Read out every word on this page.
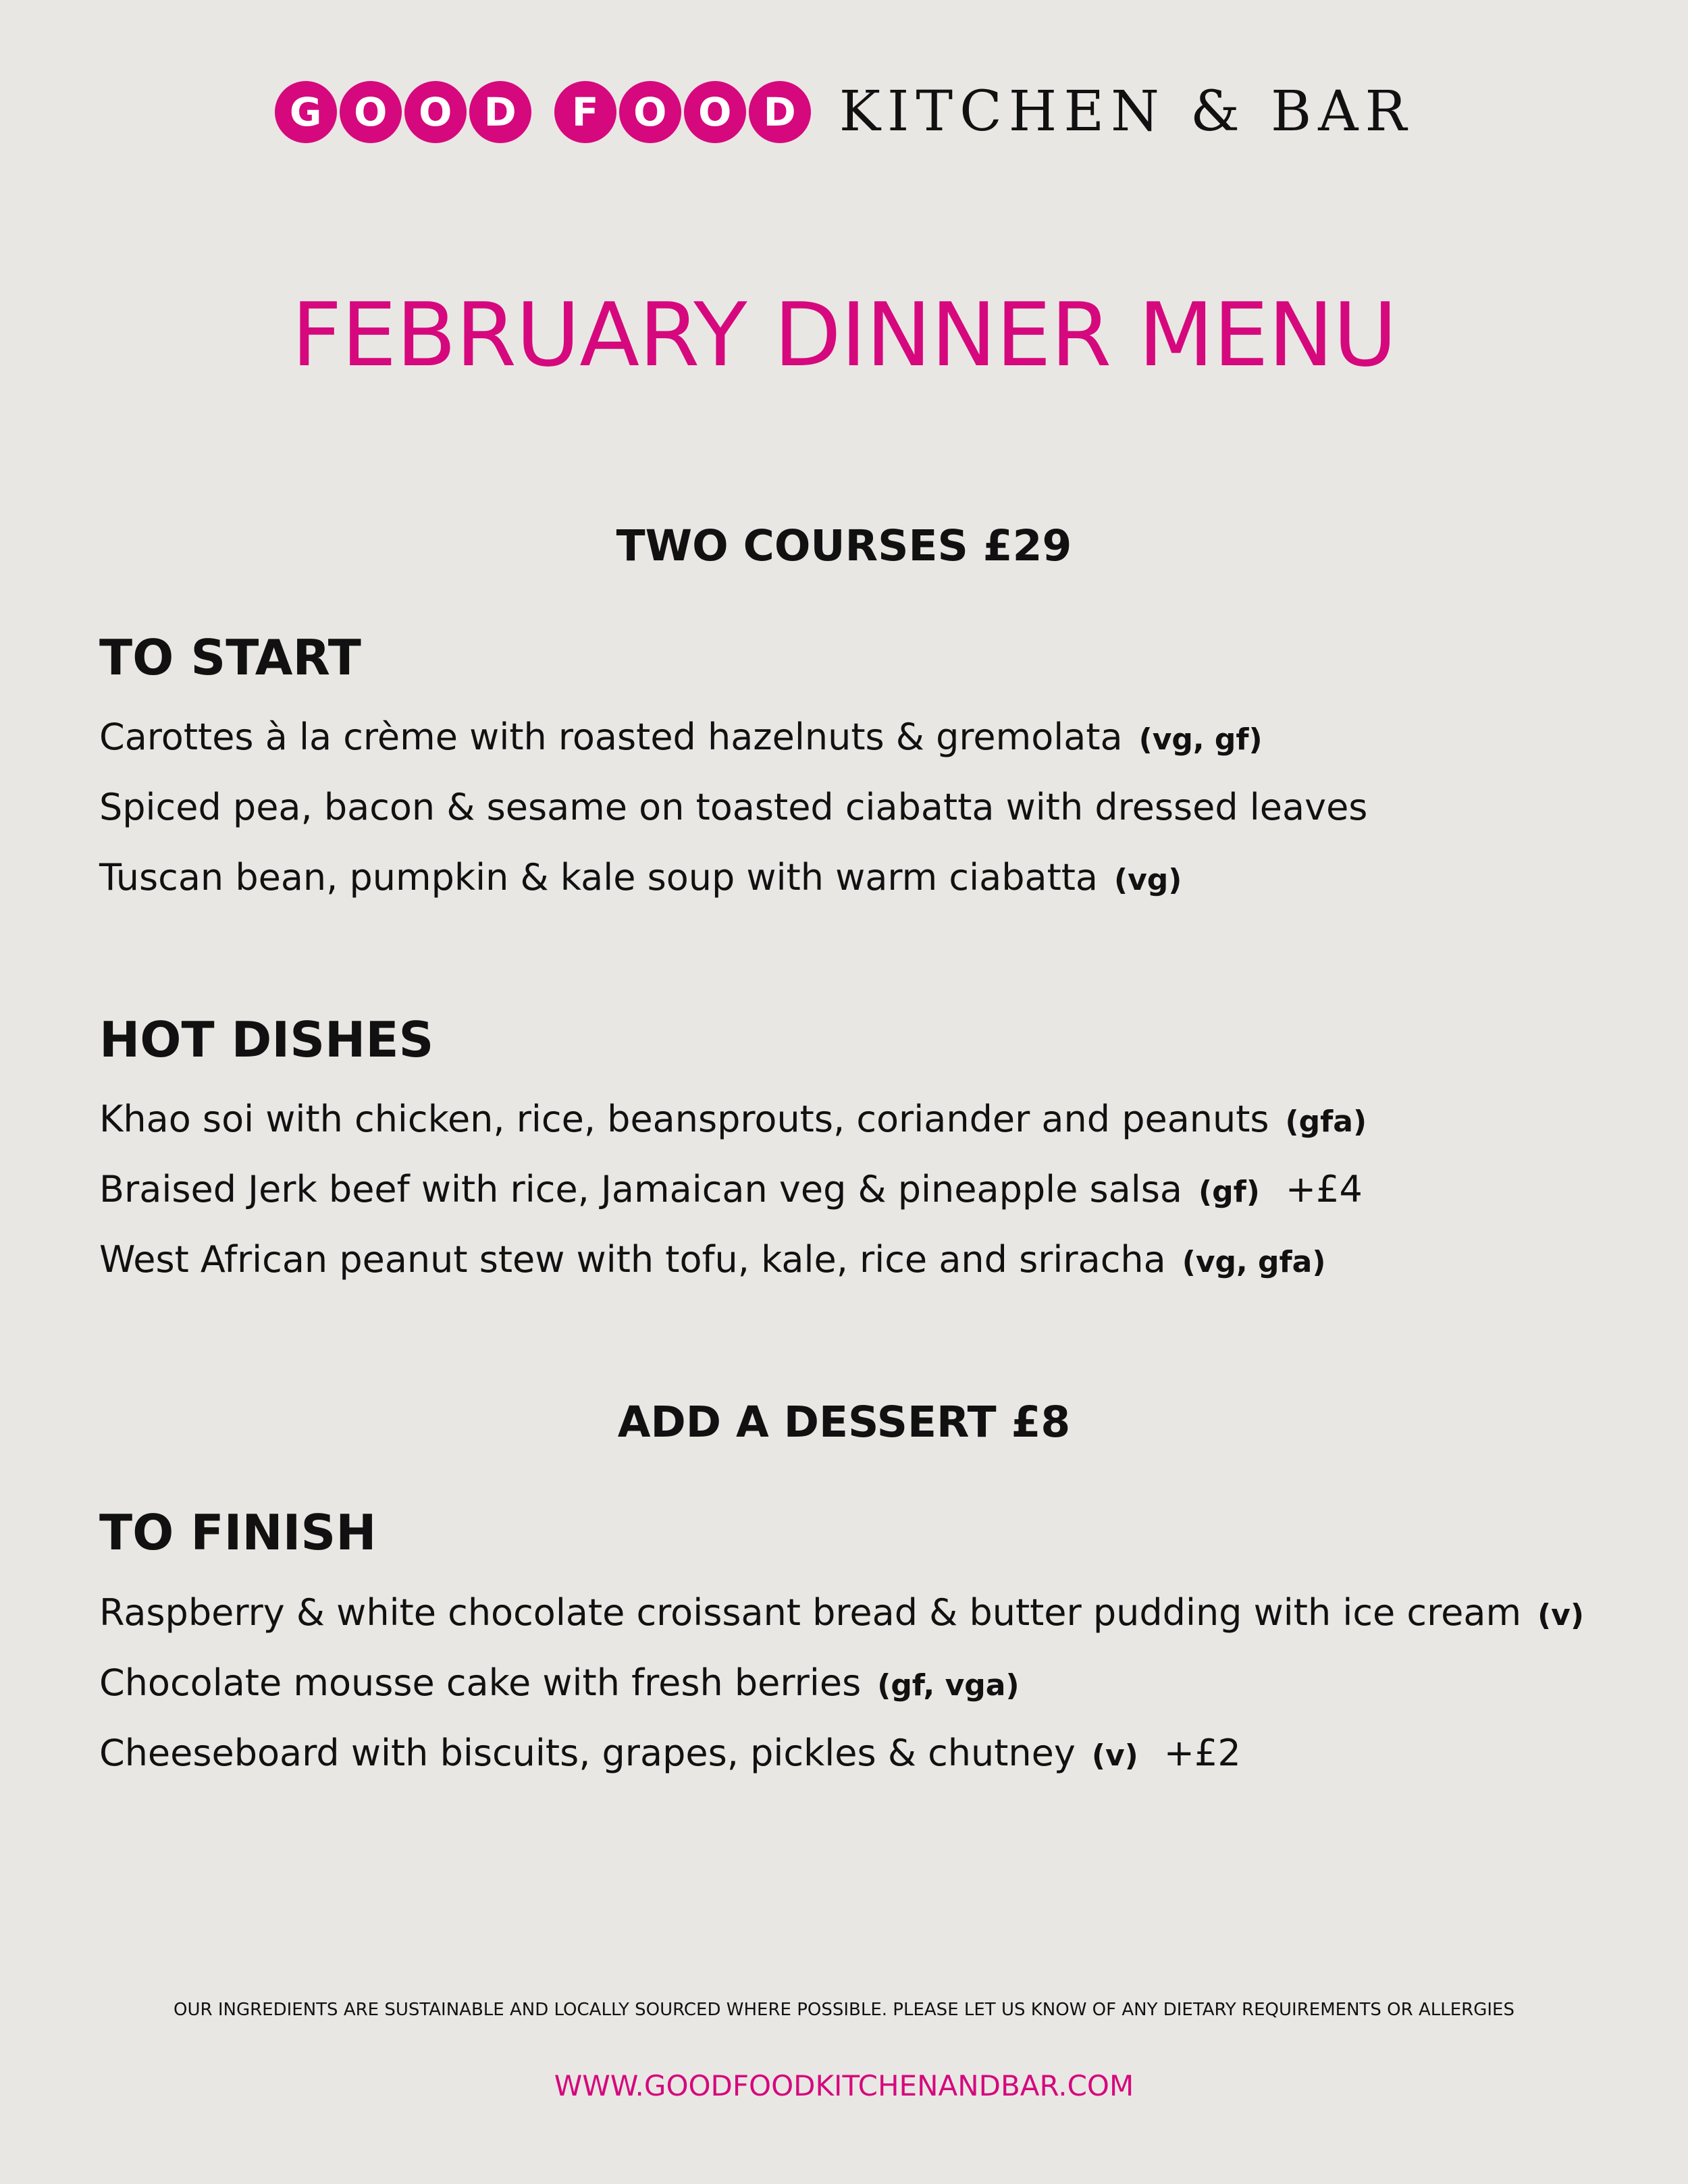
G O O D	F O O D KITCHEN & BAR
FEBRUARY DINNER MENU
TWO COURSES £29
TO START
Carottes à la crème with roasted hazelnuts & gremolata (vg, gf)
Spiced pea, bacon & sesame on toasted ciabatta with dressed leaves
Tuscan bean, pumpkin & kale soup with warm ciabatta (vg)
HOT DISHES
Khao soi with chicken, rice, beansprouts, coriander and peanuts (gfa)
Braised Jerk beef with rice, Jamaican veg & pineapple salsa (gf) +£4
West African peanut stew with tofu, kale, rice and sriracha (vg, gfa)
ADD A DESSERT £8
TO FINISH
Raspberry & white chocolate croissant bread & butter pudding with ice cream (v)
Chocolate mousse cake with fresh berries (gf, vga)
Cheeseboard with biscuits, grapes, pickles & chutney (v) +£2
OUR INGREDIENTS ARE SUSTAINABLE AND LOCALLY SOURCED WHERE POSSIBLE. PLEASE LET US KNOW OF ANY DIETARY REQUIREMENTS OR ALLERGIES
WWW.GOODFOODKITCHENANDBAR.COM
